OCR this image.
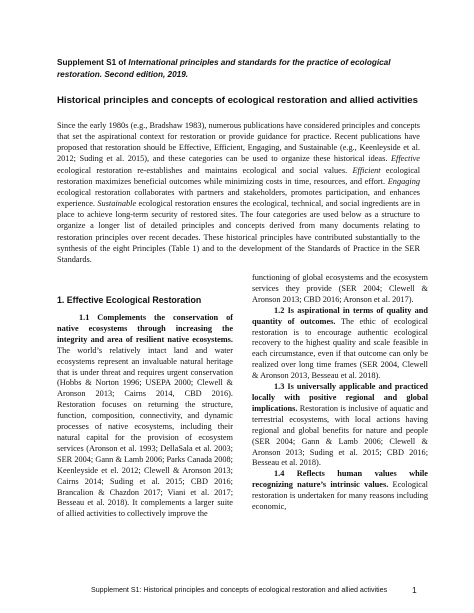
Supplement S1 of International principles and standards for the practice of ecological restoration. Second edition, 2019.
Historical principles and concepts of ecological restoration and allied activities
Since the early 1980s (e.g., Bradshaw 1983), numerous publications have considered principles and concepts that set the aspirational context for restoration or provide guidance for practice. Recent publications have proposed that restoration should be Effective, Efficient, Engaging, and Sustainable (e.g., Keenleyside et al. 2012; Suding et al. 2015), and these categories can be used to organize these historical ideas. Effective ecological restoration re-establishes and maintains ecological and social values. Efficient ecological restoration maximizes beneficial outcomes while minimizing costs in time, resources, and effort. Engaging ecological restoration collaborates with partners and stakeholders, promotes participation, and enhances experience. Sustainable ecological restoration ensures the ecological, technical, and social ingredients are in place to achieve long-term security of restored sites. The four categories are used below as a structure to organize a longer list of detailed principles and concepts derived from many documents relating to restoration principles over recent decades. These historical principles have contributed substantially to the synthesis of the eight Principles (Table 1) and to the development of the Standards of Practice in the SER Standards.
1. Effective Ecological Restoration

1.1 Complements the conservation of native ecosystems through increasing the integrity and area of resilient native ecosystems. The world’s relatively intact land and water ecosystems represent an invaluable natural heritage that is under threat and requires urgent conservation (Hobbs & Norton 1996; USEPA 2000; Clewell & Aronson 2013; Cairns 2014, CBD 2016). Restoration focuses on returning the structure, function, composition, connectivity, and dynamic processes of native ecosystems, including their natural capital for the provision of ecosystem services (Aronson et al. 1993; DellaSala et al. 2003; SER 2004; Gann & Lamb 2006; Parks Canada 2008; Keenleyside et el. 2012; Clewell & Aronson 2013; Cairns 2014; Suding et al. 2015; CBD 2016; Brancalion & Chazdon 2017; Viani et al. 2017; Besseau et al. 2018). It complements a larger suite of allied activities to collectively improve the

functioning of global ecosystems and the ecosystem services they provide (SER 2004; Clewell & Aronson 2013; CBD 2016; Aronson et al. 2017).

1.2 Is aspirational in terms of quality and quantity of outcomes. The ethic of ecological restoration is to encourage authentic ecological recovery to the highest quality and scale feasible in each circumstance, even if that outcome can only be realized over long time frames (SER 2004, Clewell & Aronson 2013, Besseau et al. 2018).

1.3 Is universally applicable and practiced locally with positive regional and global implications. Restoration is inclusive of aquatic and terrestrial ecosystems, with local actions having regional and global benefits for nature and people (SER 2004; Gann & Lamb 2006; Clewell & Aronson 2013; Suding et al. 2015; CBD 2016; Besseau et al. 2018).

1.4 Reflects human values while recognizing nature’s intrinsic values. Ecological restoration is undertaken for many reasons including economic,

Supplement S1: Historical principles and concepts of ecological restoration and allied activities	1
